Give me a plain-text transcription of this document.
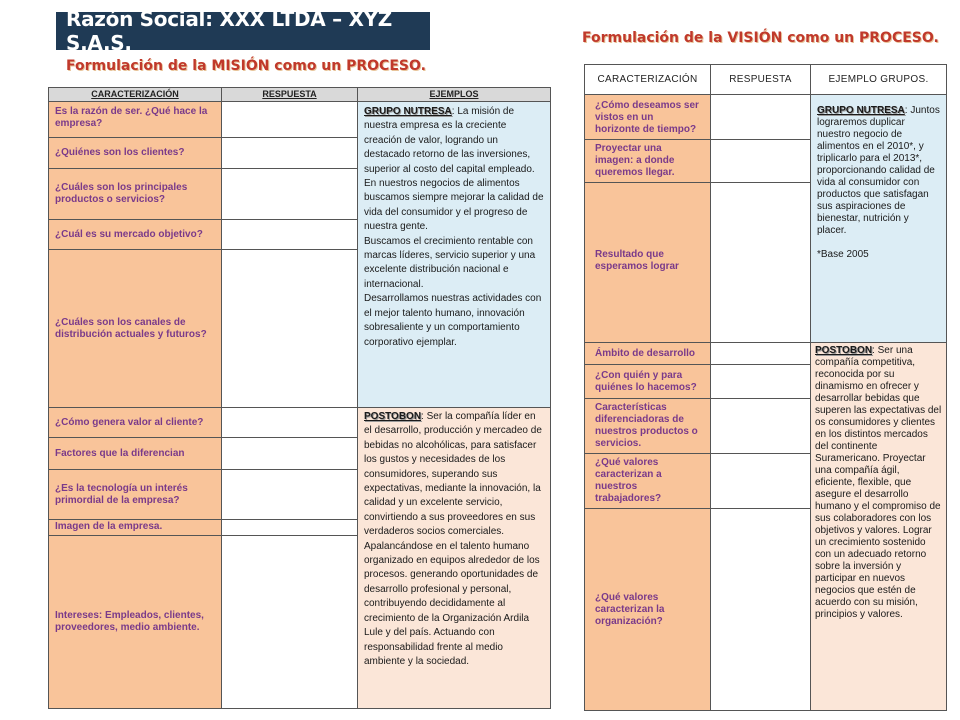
Razón Social: XXX LTDA – XYZ S.A.S.
Formulación de la MISIÓN como un PROCESO.
Formulación de la VISIÓN como un PROCESO.
CARACTERIZACIÓN	RESPUESTA	EJEMPLOS
Es la razón de ser. ¿Qué hace la empresa?		GRUPO NUTRESA: La misión de nuestra empresa es la creciente creación de valor, logrando un destacado retorno de las inversiones, superior al costo del capital empleado.
En nuestros negocios de alimentos buscamos siempre mejorar la calidad de vida del consumidor y el progreso de nuestra gente.
Buscamos el crecimiento rentable con marcas líderes, servicio superior y una excelente distribución nacional e internacional.
Desarrollamos nuestras actividades con el mejor talento humano, innovación sobresaliente y un comportamiento corporativo ejemplar.

¿Quiénes son los clientes?		
¿Cuáles son los principales productos o servicios?		
¿Cuál es su mercado objetivo?		
¿Cuáles son los canales de distribución actuales y futuros?		
¿Cómo genera valor al cliente?		POSTOBON: Ser la compañía líder en el desarrollo, producción y mercadeo de bebidas no alcohólicas, para satisfacer los gustos y necesidades de los consumidores, superando sus expectativas, mediante la innovación, la calidad y un excelente servicio, convirtiendo a sus proveedores en sus verdaderos socios comerciales.
Apalancándose en el talento humano organizado en equipos alrededor de los procesos. generando oportunidades de desarrollo profesional y personal, contribuyendo decididamente al crecimiento de la Organización Ardila Lule y del país. Actuando con responsabilidad frente al medio ambiente y la sociedad.

Factores que la diferencian		
¿Es la tecnología un interés primordial de la empresa?		
Imagen de la empresa.		
Intereses: Empleados, clientes, proveedores, medio ambiente.		
CARACTERIZACIÓN	RESPUESTA	EJEMPLO GRUPOS.
¿Cómo deseamos ser vistos en un horizonte de tiempo?		GRUPO NUTRESA: Juntos lograremos duplicar nuestro negocio de alimentos en el 2010*, y triplicarlo para el 2013*, proporcionando calidad de vida al consumidor con productos que satisfagan sus aspiraciones de bienestar, nutrición y placer.
*Base 2005

Proyectar una imagen: a donde queremos llegar.		
Resultado que esperamos lograr		
Ámbito de desarrollo		POSTOBON: Ser una compañía competitiva, reconocida por su dinamismo en ofrecer y desarrollar bebidas que superen las expectativas del os consumidores y clientes en los distintos mercados del continente Suramericano. Proyectar una compañía ágil, eficiente, flexible, que asegure el desarrollo humano y el compromiso de sus colaboradores con los objetivos y valores. Lograr un crecimiento sostenido con un adecuado retorno sobre la inversión y participar en nuevos negocios que estén de acuerdo con su misión, principios y valores.
¿Con quién y para quiénes lo hacemos?		
Características diferenciadoras de nuestros productos o servicios.		
¿Qué valores caracterizan a nuestros trabajadores?		
¿Qué valores caracterizan la organización?		
